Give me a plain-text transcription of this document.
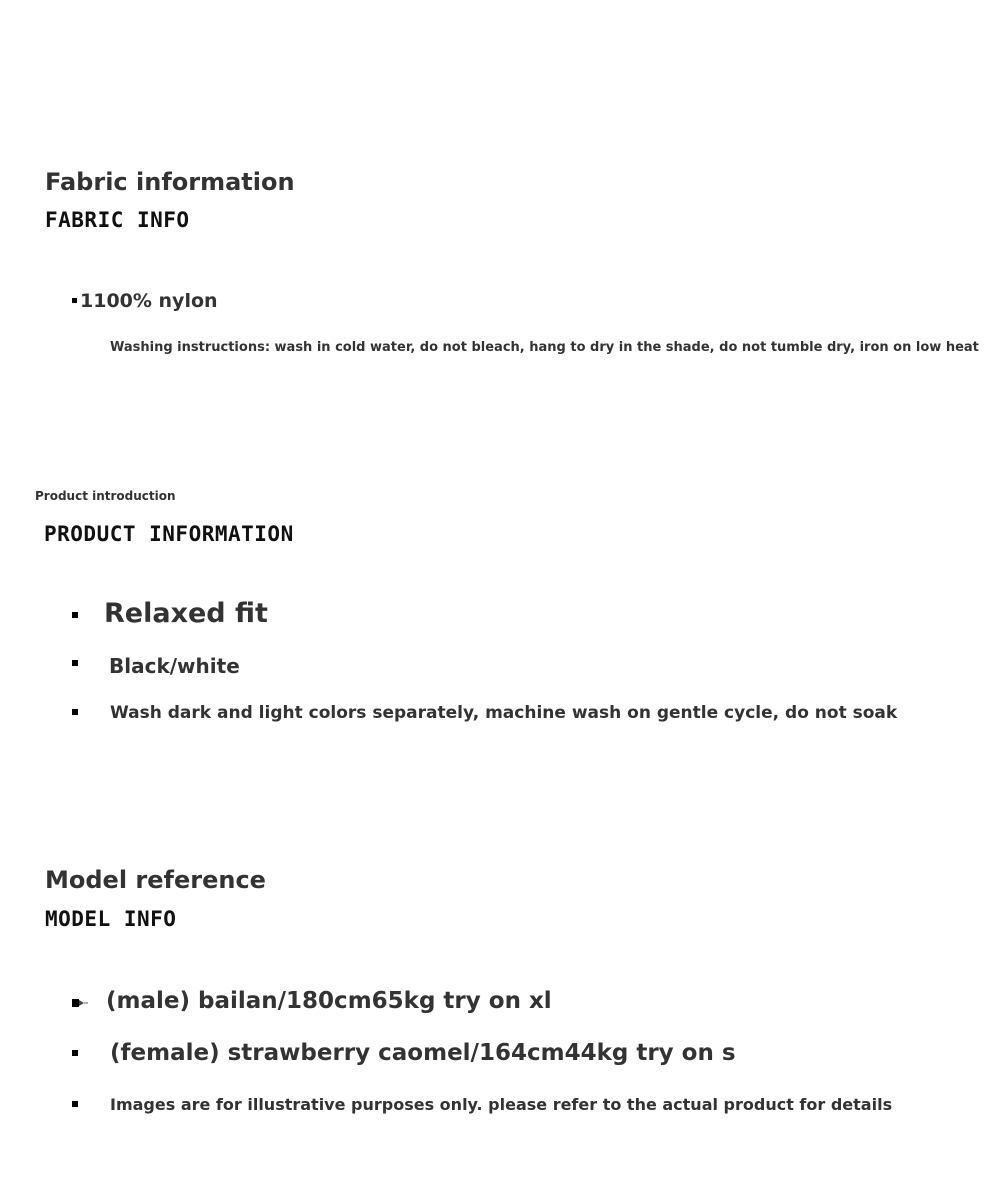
Fabric information
FABRIC INFO
1100% nylon
Washing instructions: wash in cold water, do not bleach, hang to dry in the shade, do not tumble dry, iron on low heat
Product introduction
PRODUCT INFORMATION
Relaxed fit
Black/white
Wash dark and light colors separately, machine wash on gentle cycle, do not soak
Model reference
MODEL INFO
(male) bailan/180cm65kg try on xl
(female) strawberry caomel/164cm44kg try on s
Images are for illustrative purposes only. please refer to the actual product for details
